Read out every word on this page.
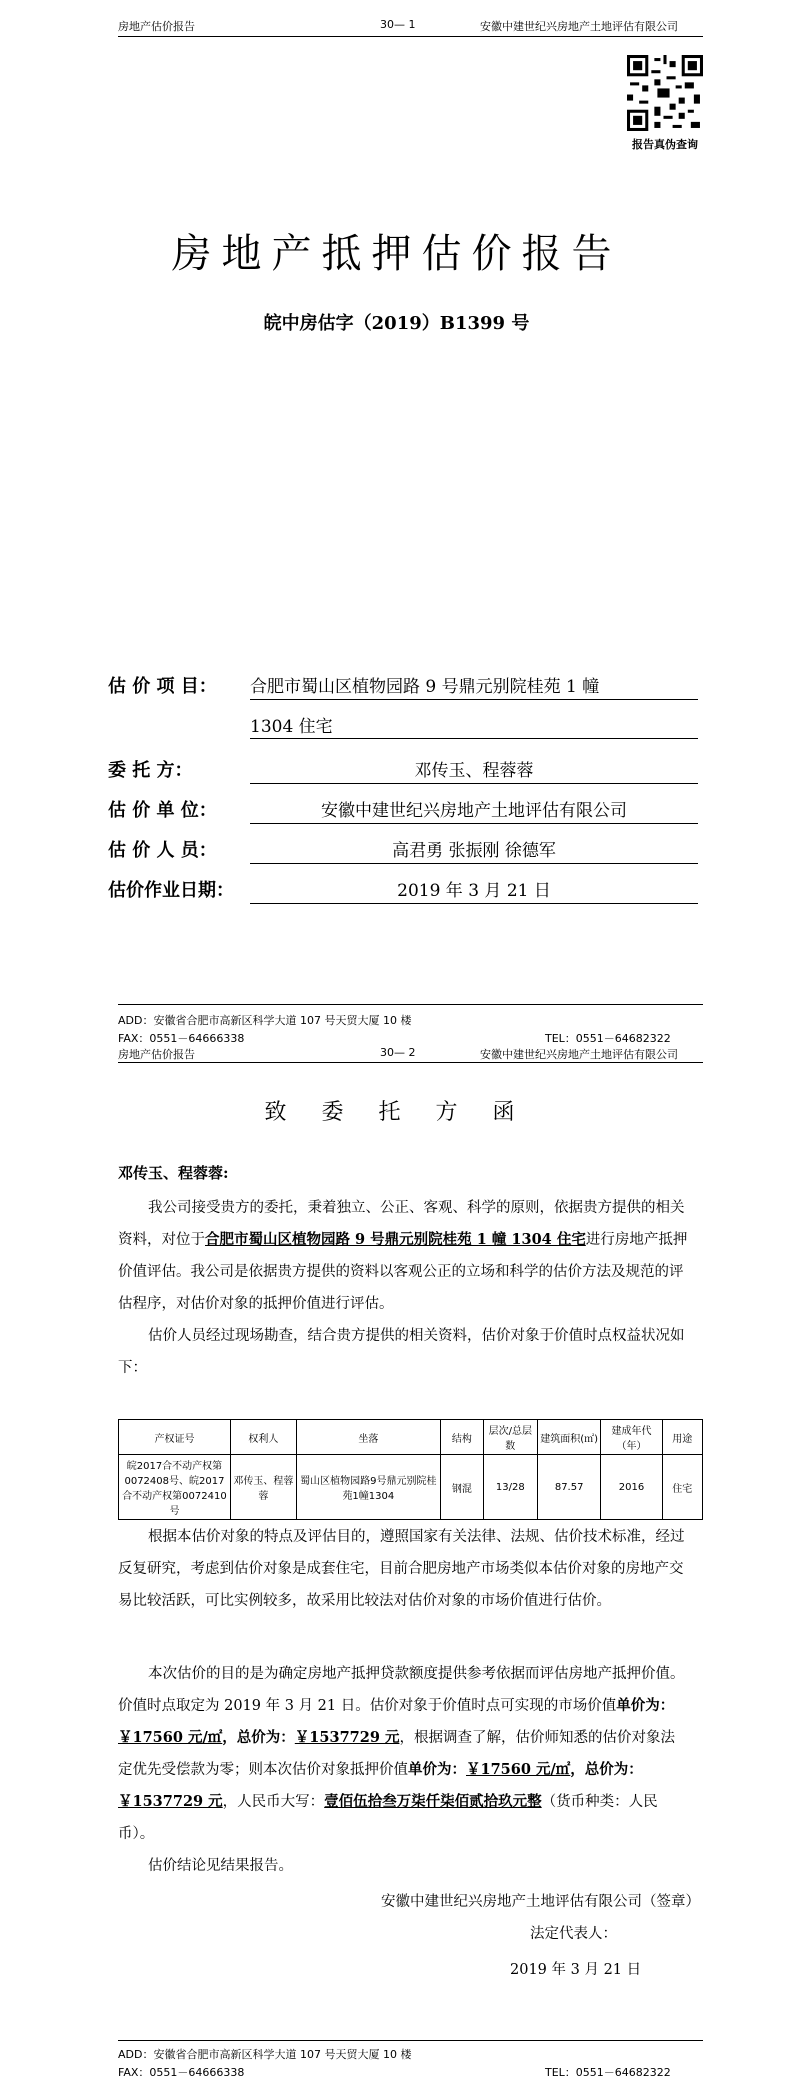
房地产估价报告	30— 1	安徽中建世纪兴房地产土地评估有限公司
报告真伪查询
房地产抵押估价报告
皖中房估字（2019）B1399 号
估 价 项 目： 合肥市蜀山区植物园路 9 号鼎元别院桂苑 1 幢
1304 住宅
委 托 方：	邓传玉、程蓉蓉
估 价 单 位：	安徽中建世纪兴房地产土地评估有限公司
估 价 人 员：	高君勇 张振刚 徐德军
估价作业日期：	2019 年 3 月 21 日
ADD：安徽省合肥市高新区科学大道 107 号天贸大厦 10 楼
FAX：0551－64666338	TEL：0551－64682322
房地产估价报告	30— 2	安徽中建世纪兴房地产土地评估有限公司
致 委 托 方 函
邓传玉、程蓉蓉:
我公司接受贵方的委托，秉着独立、公正、客观、科学的原则，依据贵方提供的相关资料，对位于合肥市蜀山区植物园路 9 号鼎元别院桂苑 1 幢 1304 住宅进行房地产抵押价值评估。我公司是依据贵方提供的资料以客观公正的立场和科学的估价方法及规范的评估程序，对估价对象的抵押价值进行评估。
估价人员经过现场勘查，结合贵方提供的相关资料，估价对象于价值时点权益状况如下：
产权证号	权利人	坐落	结构	层次/总层数	建筑面积(㎡)	建成年代（年）	用途
皖2017合不动产权第0072408号、皖2017合不动产权第0072410号	邓传玉、程蓉蓉	蜀山区植物园路9号鼎元别院桂苑1幢1304	钢混	13/28	87.57	2016	住宅
根据本估价对象的特点及评估目的，遵照国家有关法律、法规、估价技术标准，经过反复研究，考虑到估价对象是成套住宅，目前合肥房地产市场类似本估价对象的房地产交易比较活跃，可比实例较多，故采用比较法对估价对象的市场价值进行估价。
本次估价的目的是为确定房地产抵押贷款额度提供参考依据而评估房地产抵押价值。价值时点取定为 2019 年 3 月 21 日。估价对象于价值时点可实现的市场价值单价为：￥17560 元/㎡，总价为：￥1537729 元，根据调查了解，估价师知悉的估价对象法定优先受偿款为零；则本次估价对象抵押价值单价为：￥17560 元/㎡，总价为：￥1537729 元，人民币大写：壹佰伍拾叁万柒仟柒佰贰拾玖元整（货币种类：人民币）。
估价结论见结果报告。
安徽中建世纪兴房地产土地评估有限公司（签章）
法定代表人：
2019 年 3 月 21 日
ADD：安徽省合肥市高新区科学大道 107 号天贸大厦 10 楼
FAX：0551－64666338	TEL：0551－64682322
